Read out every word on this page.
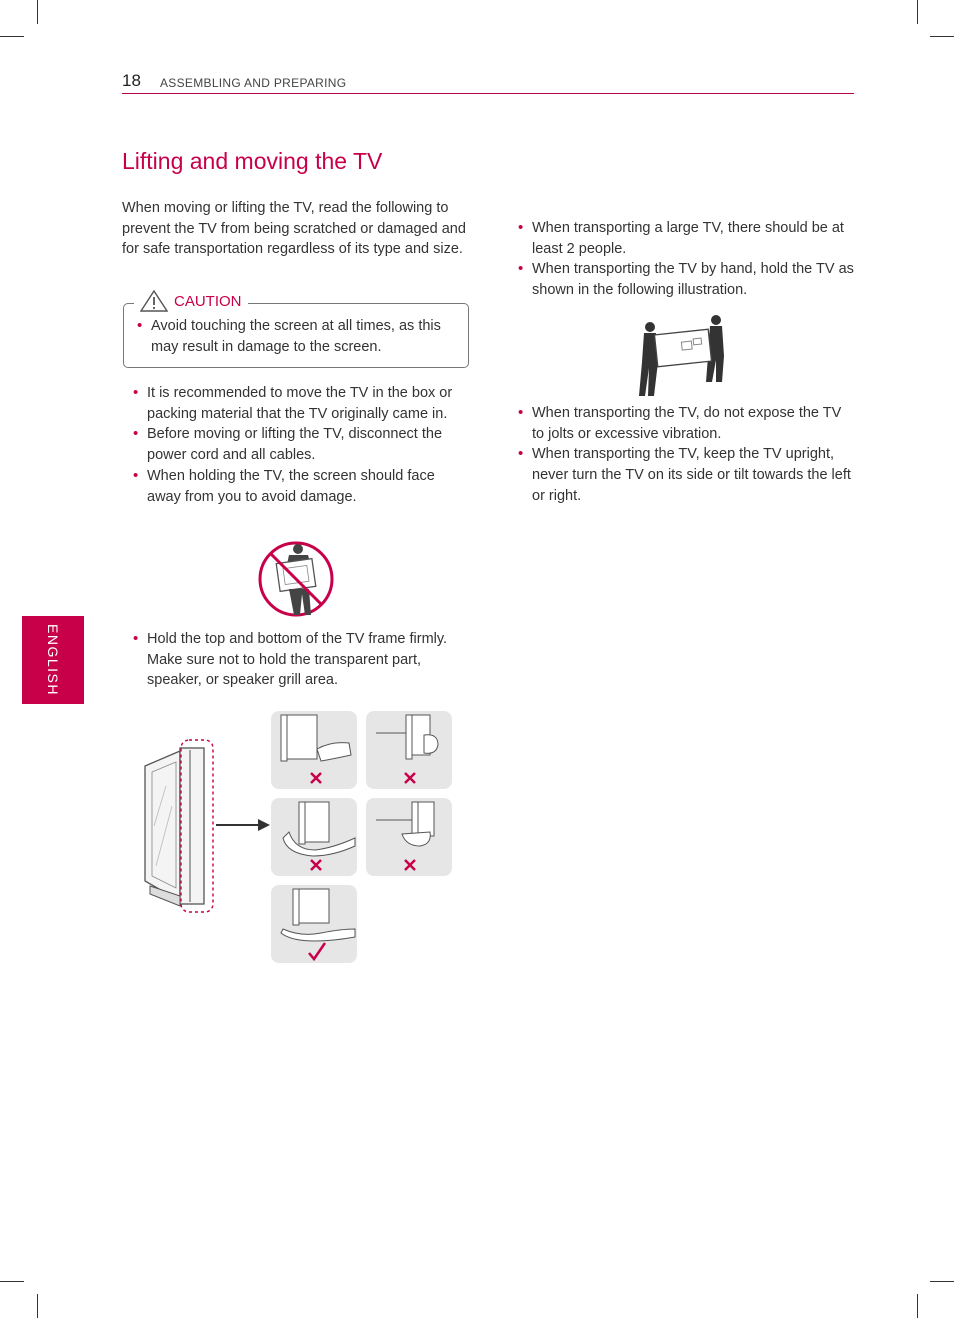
18 ASSEMBLING AND PREPARING
ENGLISH
Lifting and moving the TV
When moving or lifting the TV, read the following to prevent the TV from being scratched or damaged and for safe transportation regardless of its type and size.
CAUTION
• Avoid touching the screen at all times, as this may result in damage to the screen.
• It is recommended to move the TV in the box or packing material that the TV originally came in.
• Before moving or lifting the TV, disconnect the power cord and all cables.
• When holding the TV, the screen should face away from you to avoid damage.
• Hold the top and bottom of the TV frame firmly. Make sure not to hold the transparent part, speaker, or speaker grill area.
• When transporting a large TV, there should be at least 2 people.
• When transporting the TV by hand, hold the TV as shown in the following illustration.
• When transporting the TV, do not expose the TV to jolts or excessive vibration.
• When transporting the TV, keep the TV upright, never turn the TV on its side or tilt towards the left or right.
